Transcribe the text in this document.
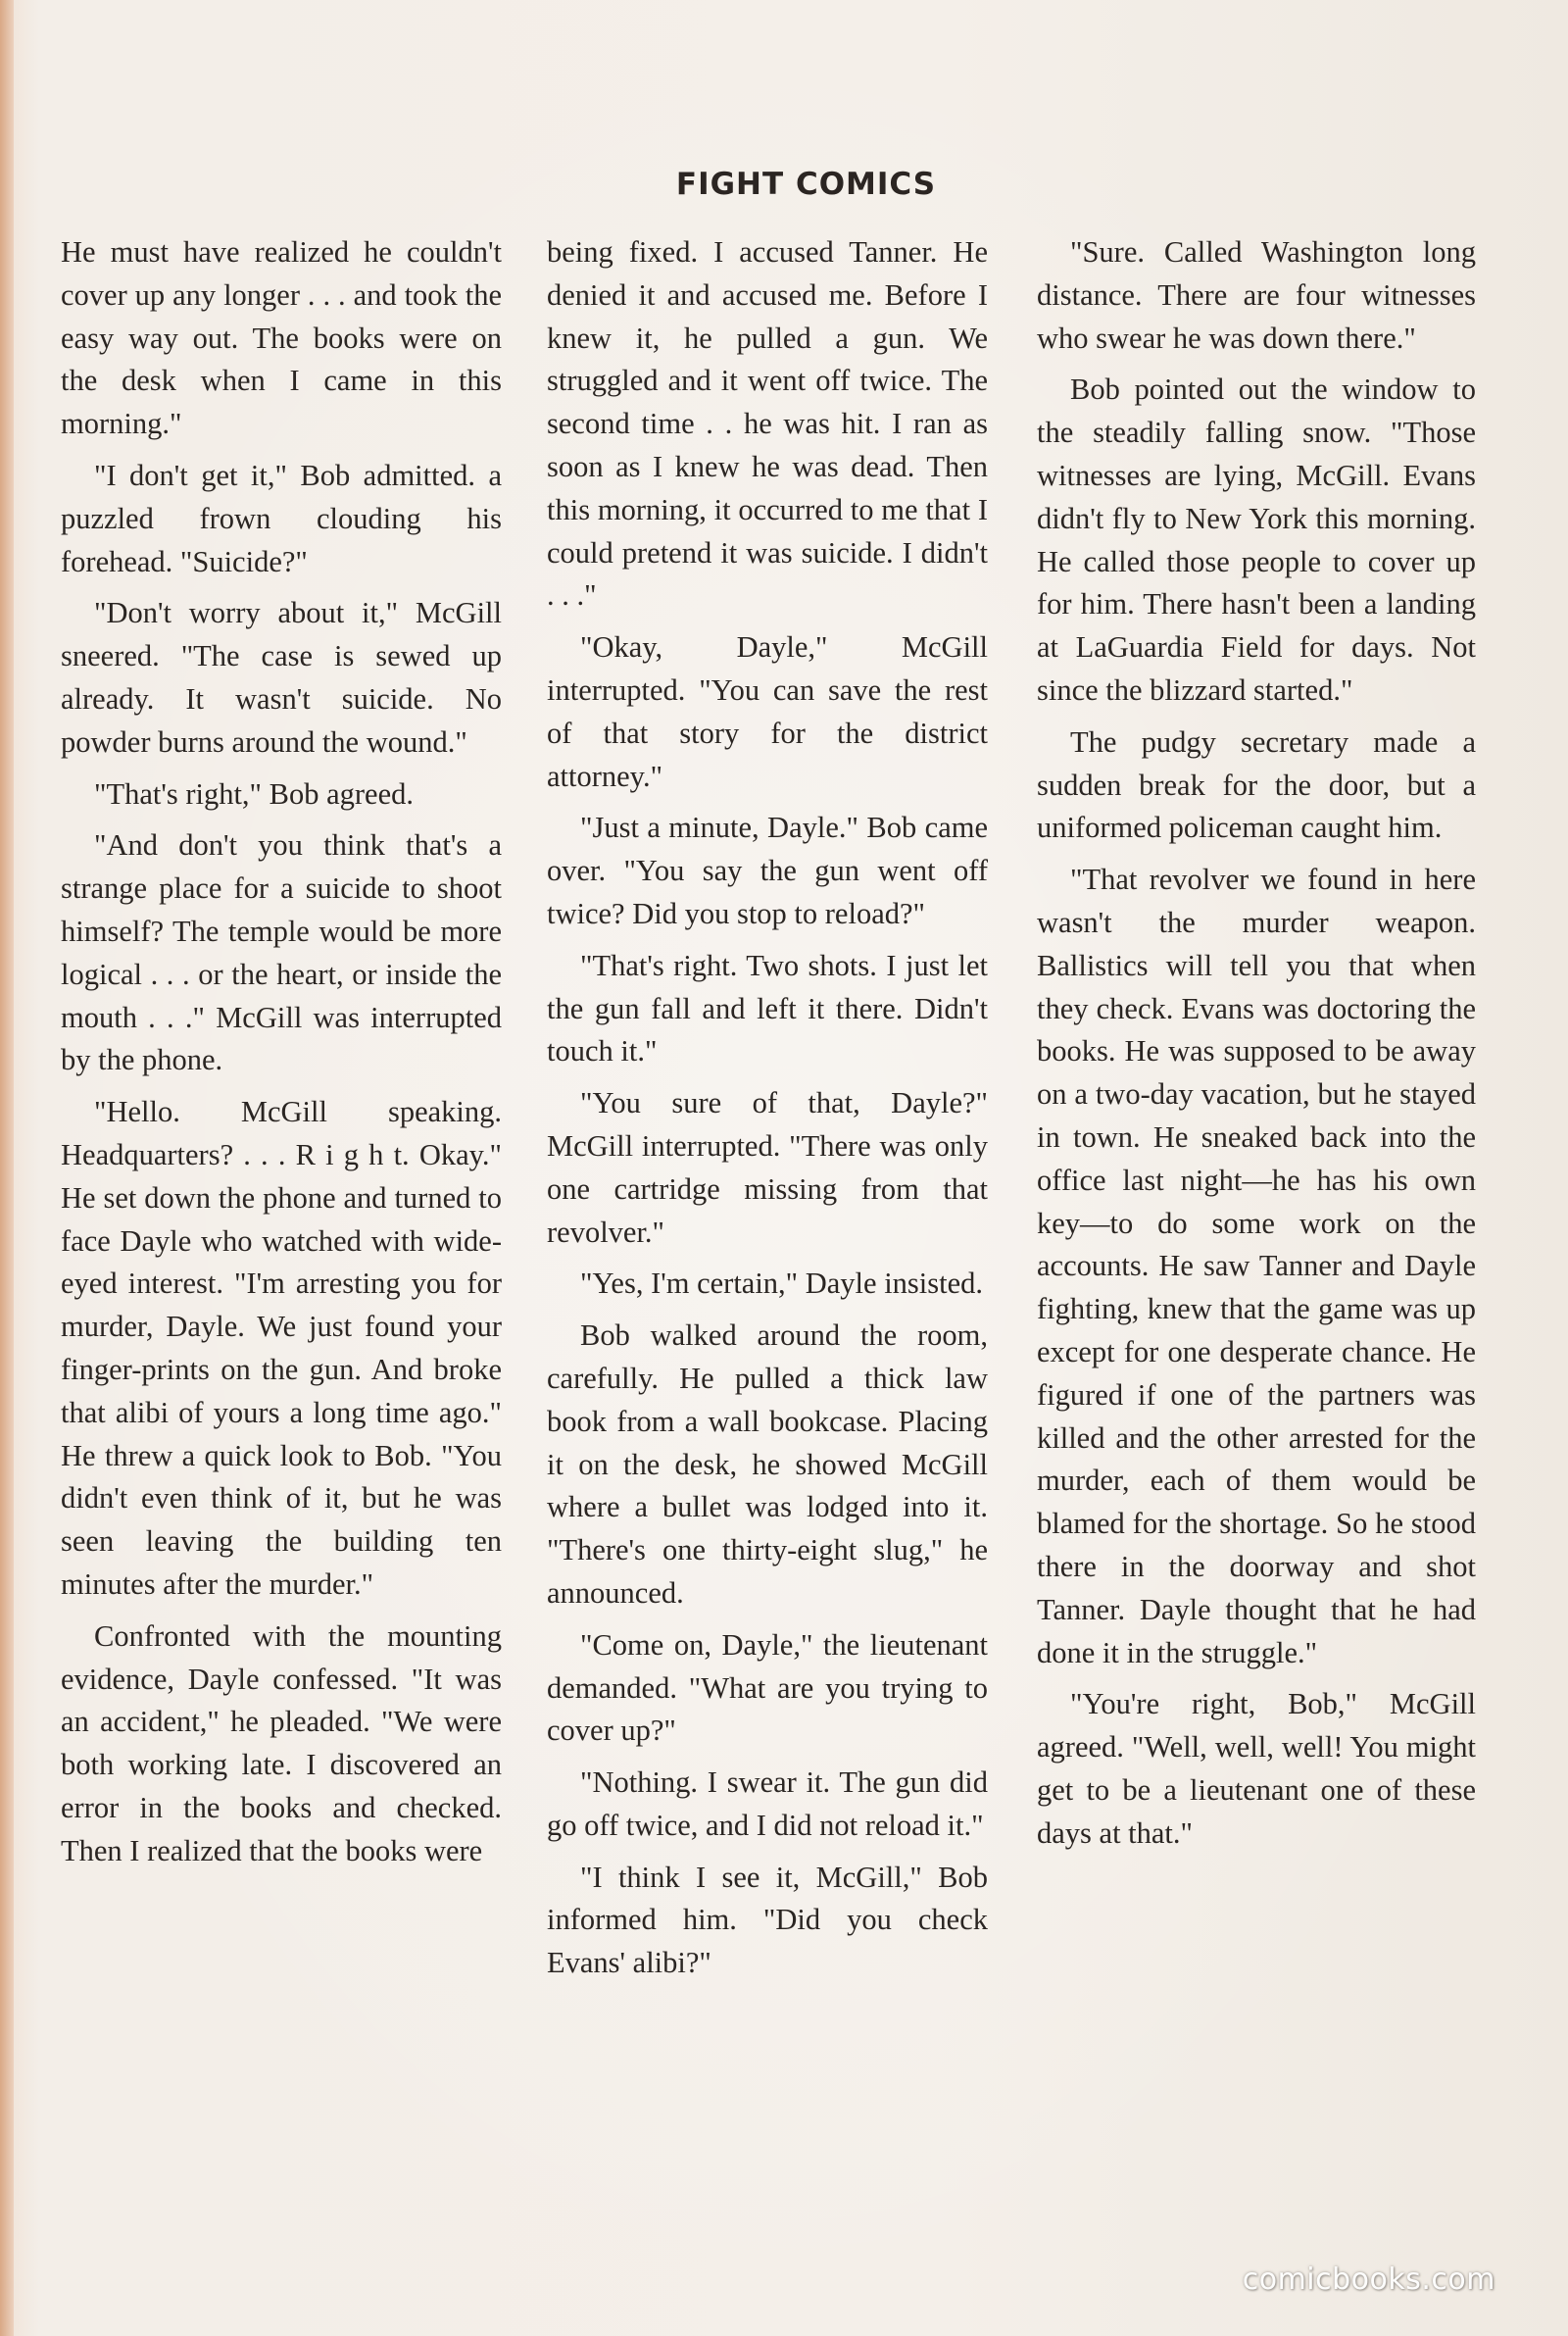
FIGHT COMICS

He must have realized he couldn't cover up any longer . . . and took the easy way out. The books were on the desk when I came in this morning."

"I don't get it," Bob admitted. a puzzled frown clouding his forehead. "Suicide?"

"Don't worry about it," McGill sneered. "The case is sewed up already. It wasn't suicide. No powder burns around the wound."

"That's right," Bob agreed.

"And don't you think that's a strange place for a suicide to shoot himself? The temple would be more logical . . . or the heart, or inside the mouth . . ." McGill was interrupted by the phone.

"Hello. McGill speaking. Headquarters? . . . R i g h t. Okay." He set down the phone and turned to face Dayle who watched with wide-eyed interest. "I'm arresting you for murder, Dayle. We just found your finger-prints on the gun. And broke that alibi of yours a long time ago." He threw a quick look to Bob. "You didn't even think of it, but he was seen leaving the building ten minutes after the murder."

Confronted with the mounting evidence, Dayle confessed. "It was an accident," he pleaded. "We were both working late. I discovered an error in the books and checked. Then I realized that the books were

being fixed. I accused Tanner. He denied it and accused me. Before I knew it, he pulled a gun. We struggled and it went off twice. The second time . . he was hit. I ran as soon as I knew he was dead. Then this morning, it occurred to me that I could pretend it was suicide. I didn't . . ."

"Okay, Dayle," McGill interrupted. "You can save the rest of that story for the district attorney."

"Just a minute, Dayle." Bob came over. "You say the gun went off twice? Did you stop to reload?"

"That's right. Two shots. I just let the gun fall and left it there. Didn't touch it."

"You sure of that, Dayle?" McGill interrupted. "There was only one cartridge missing from that revolver."

"Yes, I'm certain," Dayle insisted.

Bob walked around the room, carefully. He pulled a thick law book from a wall bookcase. Placing it on the desk, he showed McGill where a bullet was lodged into it. "There's one thirty-eight slug," he announced.

"Come on, Dayle," the lieutenant demanded. "What are you trying to cover up?"

"Nothing. I swear it. The gun did go off twice, and I did not reload it."

"I think I see it, McGill," Bob informed him. "Did you check Evans' alibi?"

"Sure. Called Washington long distance. There are four witnesses who swear he was down there."

Bob pointed out the window to the steadily falling snow. "Those witnesses are lying, McGill. Evans didn't fly to New York this morning. He called those people to cover up for him. There hasn't been a landing at LaGuardia Field for days. Not since the blizzard started."

The pudgy secretary made a sudden break for the door, but a uniformed policeman caught him.

"That revolver we found in here wasn't the murder weapon. Ballistics will tell you that when they check. Evans was doctoring the books. He was supposed to be away on a two-day vacation, but he stayed in town. He sneaked back into the office last night—he has his own key—to do some work on the accounts. He saw Tanner and Dayle fighting, knew that the game was up except for one desperate chance. He figured if one of the partners was killed and the other arrested for the murder, each of them would be blamed for the shortage. So he stood there in the doorway and shot Tanner. Dayle thought that he had done it in the struggle."

"You're right, Bob," McGill agreed. "Well, well, well! You might get to be a lieutenant one of these days at that."

comicbooks.com
